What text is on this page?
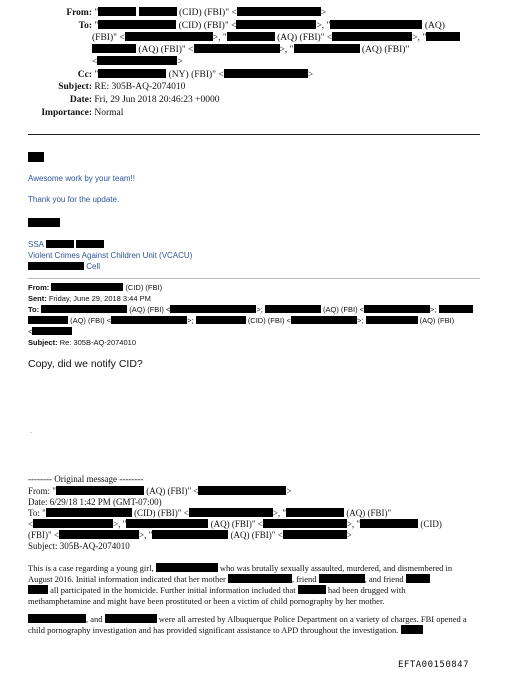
From: "	(CID) (FBI)" <	>
To: "	(CID) (FBI)" <	>, "	(AQ)
(FBI)" <	>, "	(AQ) (FBI)" <	>, "
(AQ) (FBI)" <	>, "	(AQ) (FBI)"
<	>
Cc: "	(NY) (FBI)" <	>
Subject: RE: 305B-AQ-2074010
Date: Fri, 29 Jun 2018 20:46:23 +0000
Importance: Normal
Awesome work by your team!!
Thank you for the update.
SSA
Violent Crimes Against Children Unit (VCACU)
Cell
From:	(CID) (FBI)
Sent: Friday, June 29, 2018 3:44 PM
To:	(AQ) (FBI) <	>;	(AQ) (FBI) <	>;
(AQ) (FBI) <	>;	(CID) (FBI) <	>;	(AQ) (FBI)
<
Subject: Re: 305B-AQ-2074010
Copy, did we notify CID?
.
-------- Original message --------
From: "	(AQ) (FBI)" <	>
Date: 6/29/18 1:42 PM (GMT-07:00)
To: "	(CID) (FBI)" <	>, "	(AQ) (FBI)"
<	>, "	(AQ) (FBI)" <	>, "	(CID)
(FBI)" <	>, "	(AQ) (FBI)" <	>
Subject: 305B-AQ-2074010
This is a case regarding a young girl,	who was brutally sexually assaulted, murdered, and dismembered in
August 2016. Initial information indicated that her mother	, friend	, and friend
all participated in the homicide. Further initial information included that	had been drugged with
methamphetamine and might have been prostituted or been a victim of child pornography by her mother.
, and	were all arrested by Albuquerque Police Department on a variety of charges. FBI opened a
child pornography investigation and has provided significant assistance to APD throughout the investigation.
EFTA00150847
